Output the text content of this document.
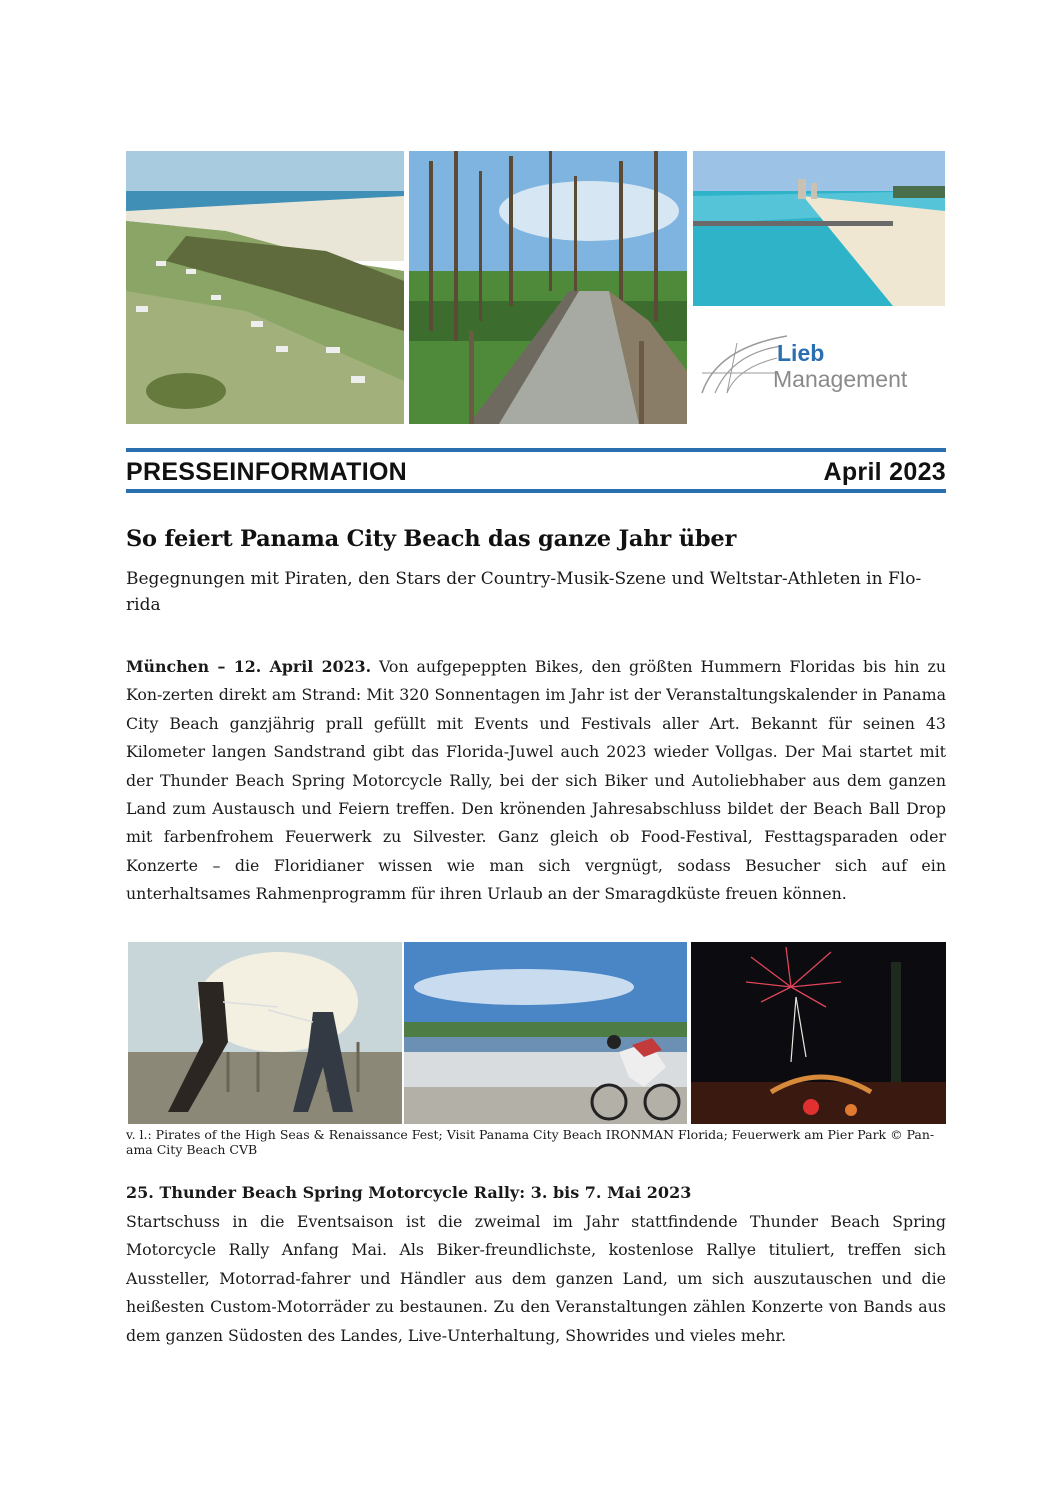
Lieb
Management
PRESSEINFORMATION	April 2023
So feiert Panama City Beach das ganze Jahr über
Begegnungen mit Piraten, den Stars der Country-Musik-Szene und Weltstar-Athleten in Flo-rida
München – 12. April 2023. Von aufgepeppten Bikes, den größten Hummern Floridas bis hin zu Kon-zerten direkt am Strand: Mit 320 Sonnentagen im Jahr ist der Veranstaltungskalender in Panama City Beach ganzjährig prall gefüllt mit Events und Festivals aller Art. Bekannt für seinen 43 Kilometer langen Sandstrand gibt das Florida-Juwel auch 2023 wieder Vollgas. Der Mai startet mit der Thunder Beach Spring Motorcycle Rally, bei der sich Biker und Autoliebhaber aus dem ganzen Land zum Austausch und Feiern treffen. Den krönenden Jahresabschluss bildet der Beach Ball Drop mit farbenfrohem Feuerwerk zu Silvester. Ganz gleich ob Food-Festival, Festtagsparaden oder Konzerte – die Floridianer wissen wie man sich vergnügt, sodass Besucher sich auf ein unterhaltsames Rahmenprogramm für ihren Urlaub an der Smaragdküste freuen können.
v. l.: Pirates of the High Seas & Renaissance Fest; Visit Panama City Beach IRONMAN Florida; Feuerwerk am Pier Park © Pan-ama City Beach CVB
25. Thunder Beach Spring Motorcycle Rally: 3. bis 7. Mai 2023
Startschuss in die Eventsaison ist die zweimal im Jahr stattfindende Thunder Beach Spring Motorcycle Rally Anfang Mai. Als Biker-freundlichste, kostenlose Rallye tituliert, treffen sich Aussteller, Motorrad-fahrer und Händler aus dem ganzen Land, um sich auszutauschen und die heißesten Custom-Motorräder zu bestaunen. Zu den Veranstaltungen zählen Konzerte von Bands aus dem ganzen Südosten des Landes, Live-Unterhaltung, Showrides und vieles mehr.
